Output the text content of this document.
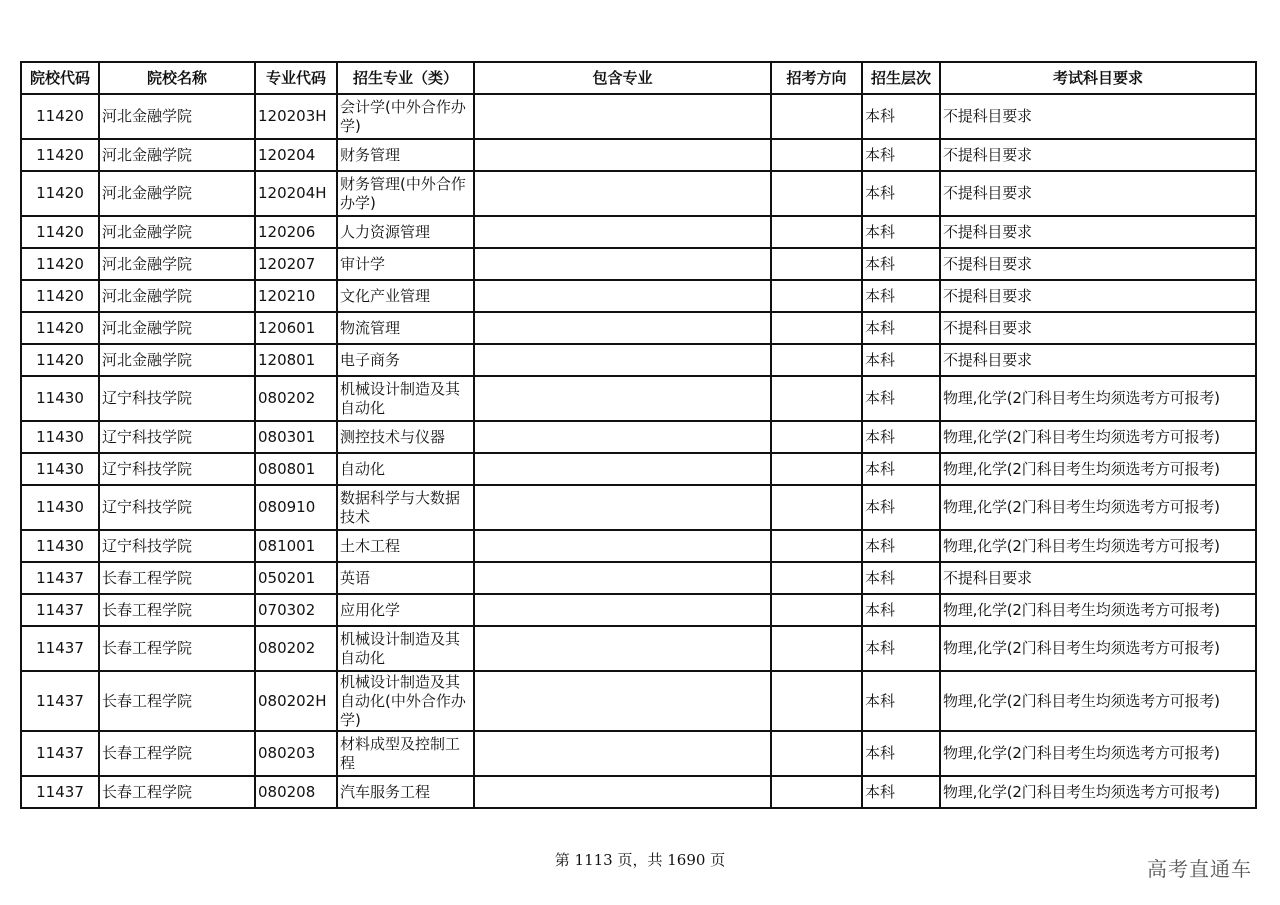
院校代码	院校名称	专业代码	招生专业（类）	包含专业	招考方向	招生层次	考试科目要求
11420	河北金融学院	120203H	会计学(中外合作办学)			本科	不提科目要求
11420	河北金融学院	120204	财务管理			本科	不提科目要求
11420	河北金融学院	120204H	财务管理(中外合作办学)			本科	不提科目要求
11420	河北金融学院	120206	人力资源管理			本科	不提科目要求
11420	河北金融学院	120207	审计学			本科	不提科目要求
11420	河北金融学院	120210	文化产业管理			本科	不提科目要求
11420	河北金融学院	120601	物流管理			本科	不提科目要求
11420	河北金融学院	120801	电子商务			本科	不提科目要求
11430	辽宁科技学院	080202	机械设计制造及其自动化			本科	物理,化学(2门科目考生均须选考方可报考)
11430	辽宁科技学院	080301	测控技术与仪器			本科	物理,化学(2门科目考生均须选考方可报考)
11430	辽宁科技学院	080801	自动化			本科	物理,化学(2门科目考生均须选考方可报考)
11430	辽宁科技学院	080910	数据科学与大数据技术			本科	物理,化学(2门科目考生均须选考方可报考)
11430	辽宁科技学院	081001	土木工程			本科	物理,化学(2门科目考生均须选考方可报考)
11437	长春工程学院	050201	英语			本科	不提科目要求
11437	长春工程学院	070302	应用化学			本科	物理,化学(2门科目考生均须选考方可报考)
11437	长春工程学院	080202	机械设计制造及其自动化			本科	物理,化学(2门科目考生均须选考方可报考)
11437	长春工程学院	080202H	机械设计制造及其自动化(中外合作办学)			本科	物理,化学(2门科目考生均须选考方可报考)
11437	长春工程学院	080203	材料成型及控制工程			本科	物理,化学(2门科目考生均须选考方可报考)
11437	长春工程学院	080208	汽车服务工程			本科	物理,化学(2门科目考生均须选考方可报考)
第 1113 页，共 1690 页	高考直通车
